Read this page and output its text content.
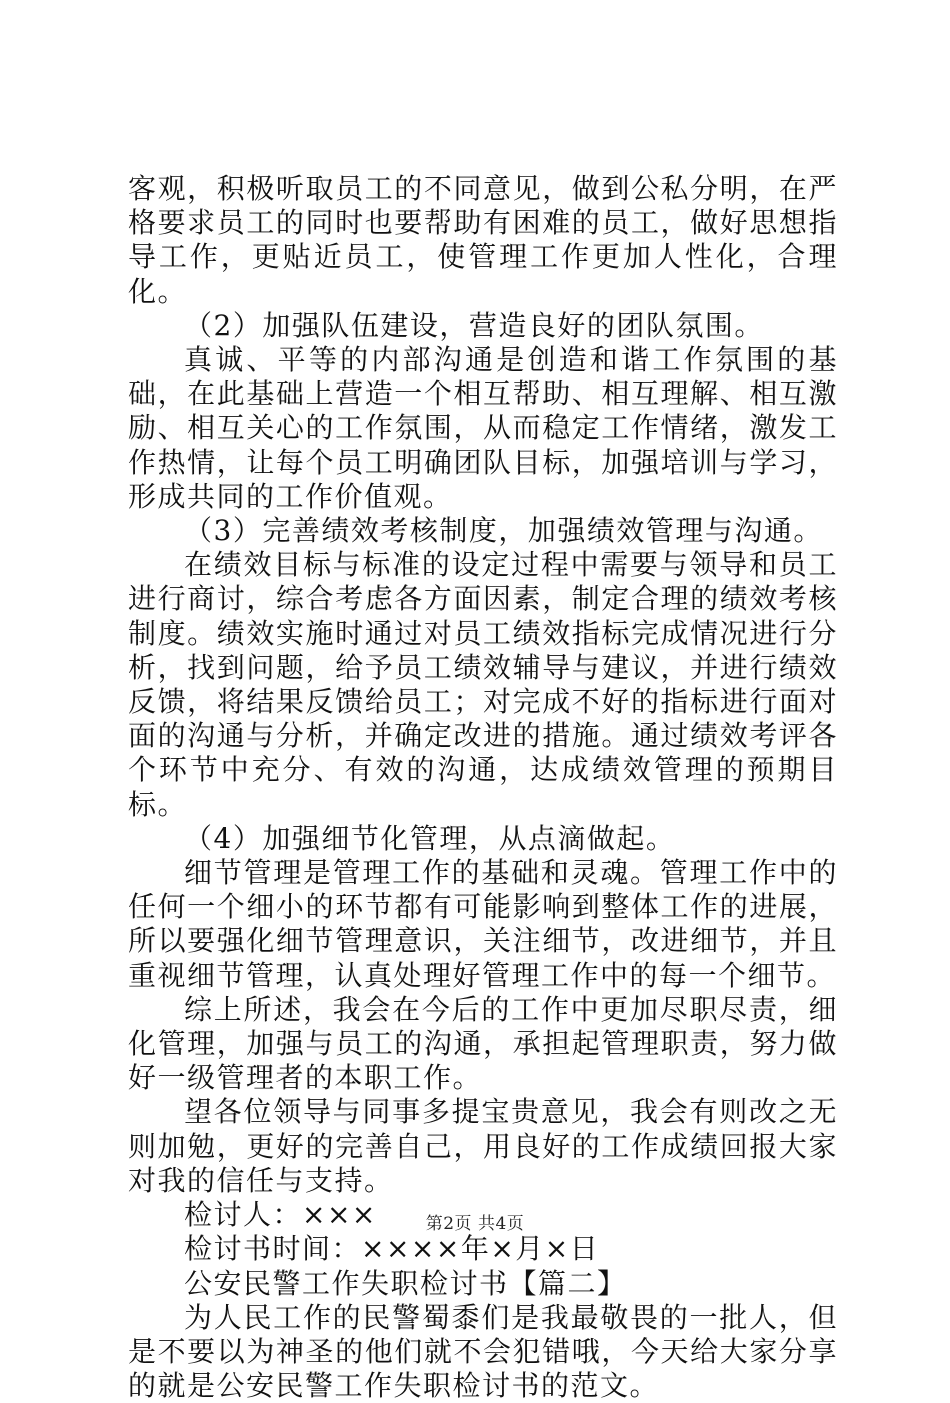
客观，积极听取员工的不同意见，做到公私分明，在严格要求员工的同时也要帮助有困难的员工，做好思想指导工作，更贴近员工，使管理工作更加人性化，合理化。

（2）加强队伍建设，营造良好的团队氛围。

真诚、平等的内部沟通是创造和谐工作氛围的基础，在此基础上营造一个相互帮助、相互理解、相互激励、相互关心的工作氛围，从而稳定工作情绪，激发工作热情，让每个员工明确团队目标，加强培训与学习，形成共同的工作价值观。

（3）完善绩效考核制度，加强绩效管理与沟通。

在绩效目标与标准的设定过程中需要与领导和员工进行商讨，综合考虑各方面因素，制定合理的绩效考核制度。绩效实施时通过对员工绩效指标完成情况进行分析，找到问题，给予员工绩效辅导与建议，并进行绩效反馈，将结果反馈给员工；对完成不好的指标进行面对面的沟通与分析，并确定改进的措施。通过绩效考评各个环节中充分、有效的沟通，达成绩效管理的预期目标。

（4）加强细节化管理，从点滴做起。

细节管理是管理工作的基础和灵魂。管理工作中的任何一个细小的环节都有可能影响到整体工作的进展，所以要强化细节管理意识，关注细节，改进细节，并且重视细节管理，认真处理好管理工作中的每一个细节。

综上所述，我会在今后的工作中更加尽职尽责，细化管理，加强与员工的沟通，承担起管理职责，努力做好一级管理者的本职工作。

望各位领导与同事多提宝贵意见，我会有则改之无则加勉，更好的完善自己，用良好的工作成绩回报大家对我的信任与支持。

检讨人：×××

检讨书时间：××××年×月×日

公安民警工作失职检讨书【篇二】

为人民工作的民警蜀黍们是我最敬畏的一批人，但是不要以为神圣的他们就不会犯错哦，今天给大家分享的就是公安民警工作失职检讨书的范文。

第2页 共4页
